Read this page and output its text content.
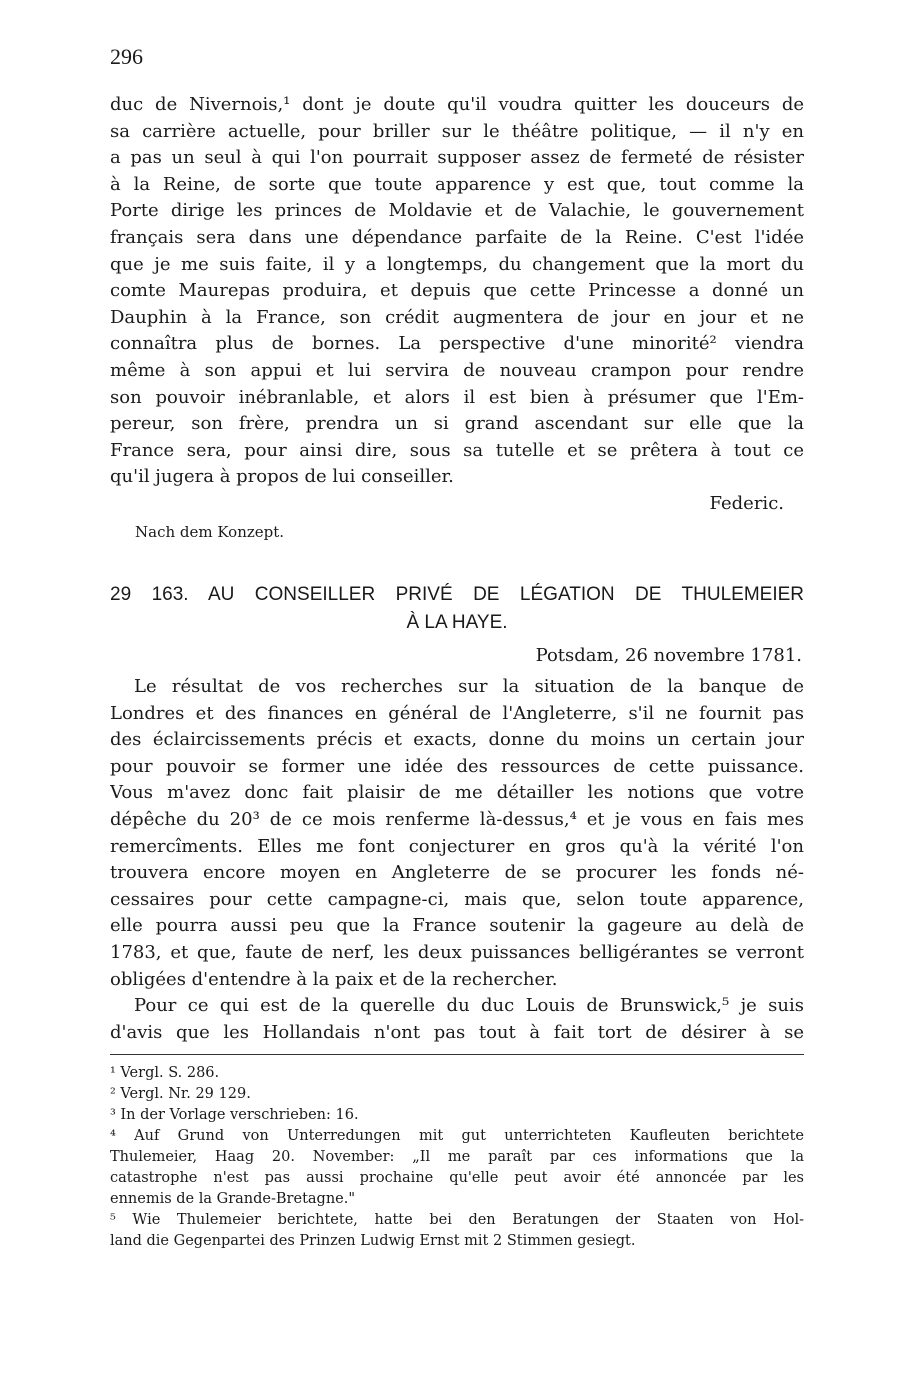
296
duc de Nivernois,¹ dont je doute qu'il voudra quitter les douceurs de
sa carrière actuelle, pour briller sur le théâtre politique, — il n'y en
a pas un seul à qui l'on pourrait supposer assez de fermeté de résister
à la Reine, de sorte que toute apparence y est que, tout comme la
Porte dirige les princes de Moldavie et de Valachie, le gouvernement
français sera dans une dépendance parfaite de la Reine. C'est l'idée
que je me suis faite, il y a longtemps, du changement que la mort du
comte Maurepas produira, et depuis que cette Princesse a donné un
Dauphin à la France, son crédit augmentera de jour en jour et ne
connaîtra plus de bornes. La perspective d'une minorité² viendra
même à son appui et lui servira de nouveau crampon pour rendre
son pouvoir inébranlable, et alors il est bien à présumer que l'Em-
pereur, son frère, prendra un si grand ascendant sur elle que la
France sera, pour ainsi dire, sous sa tutelle et se prêtera à tout ce
qu'il jugera à propos de lui conseiller.
Federic.
Nach dem Konzept.
29 163. AU CONSEILLER PRIVÉ DE LÉGATION DE THULEMEIER
À LA HAYE.
Potsdam, 26 novembre 1781.
Le résultat de vos recherches sur la situation de la banque de
Londres et des finances en général de l'Angleterre, s'il ne fournit pas
des éclaircissements précis et exacts, donne du moins un certain jour
pour pouvoir se former une idée des ressources de cette puissance.
Vous m'avez donc fait plaisir de me détailler les notions que votre
dépêche du 20³ de ce mois renferme là-dessus,⁴ et je vous en fais mes
remercîments. Elles me font conjecturer en gros qu'à la vérité l'on
trouvera encore moyen en Angleterre de se procurer les fonds né-
cessaires pour cette campagne-ci, mais que, selon toute apparence,
elle pourra aussi peu que la France soutenir la gageure au delà de
1783, et que, faute de nerf, les deux puissances belligérantes se verront
obligées d'entendre à la paix et de la rechercher.
Pour ce qui est de la querelle du duc Louis de Brunswick,⁵ je suis
d'avis que les Hollandais n'ont pas tout à fait tort de désirer à se
¹ Vergl. S. 286.
² Vergl. Nr. 29 129.
³ In der Vorlage verschrieben: 16.
⁴ Auf Grund von Unterredungen mit gut unterrichteten Kaufleuten berichtete
Thulemeier, Haag 20. November: „Il me paraît par ces informations que la
catastrophe n'est pas aussi prochaine qu'elle peut avoir été annoncée par les
ennemis de la Grande-Bretagne."
⁵ Wie Thulemeier berichtete, hatte bei den Beratungen der Staaten von Hol-
land die Gegenpartei des Prinzen Ludwig Ernst mit 2 Stimmen gesiegt.
